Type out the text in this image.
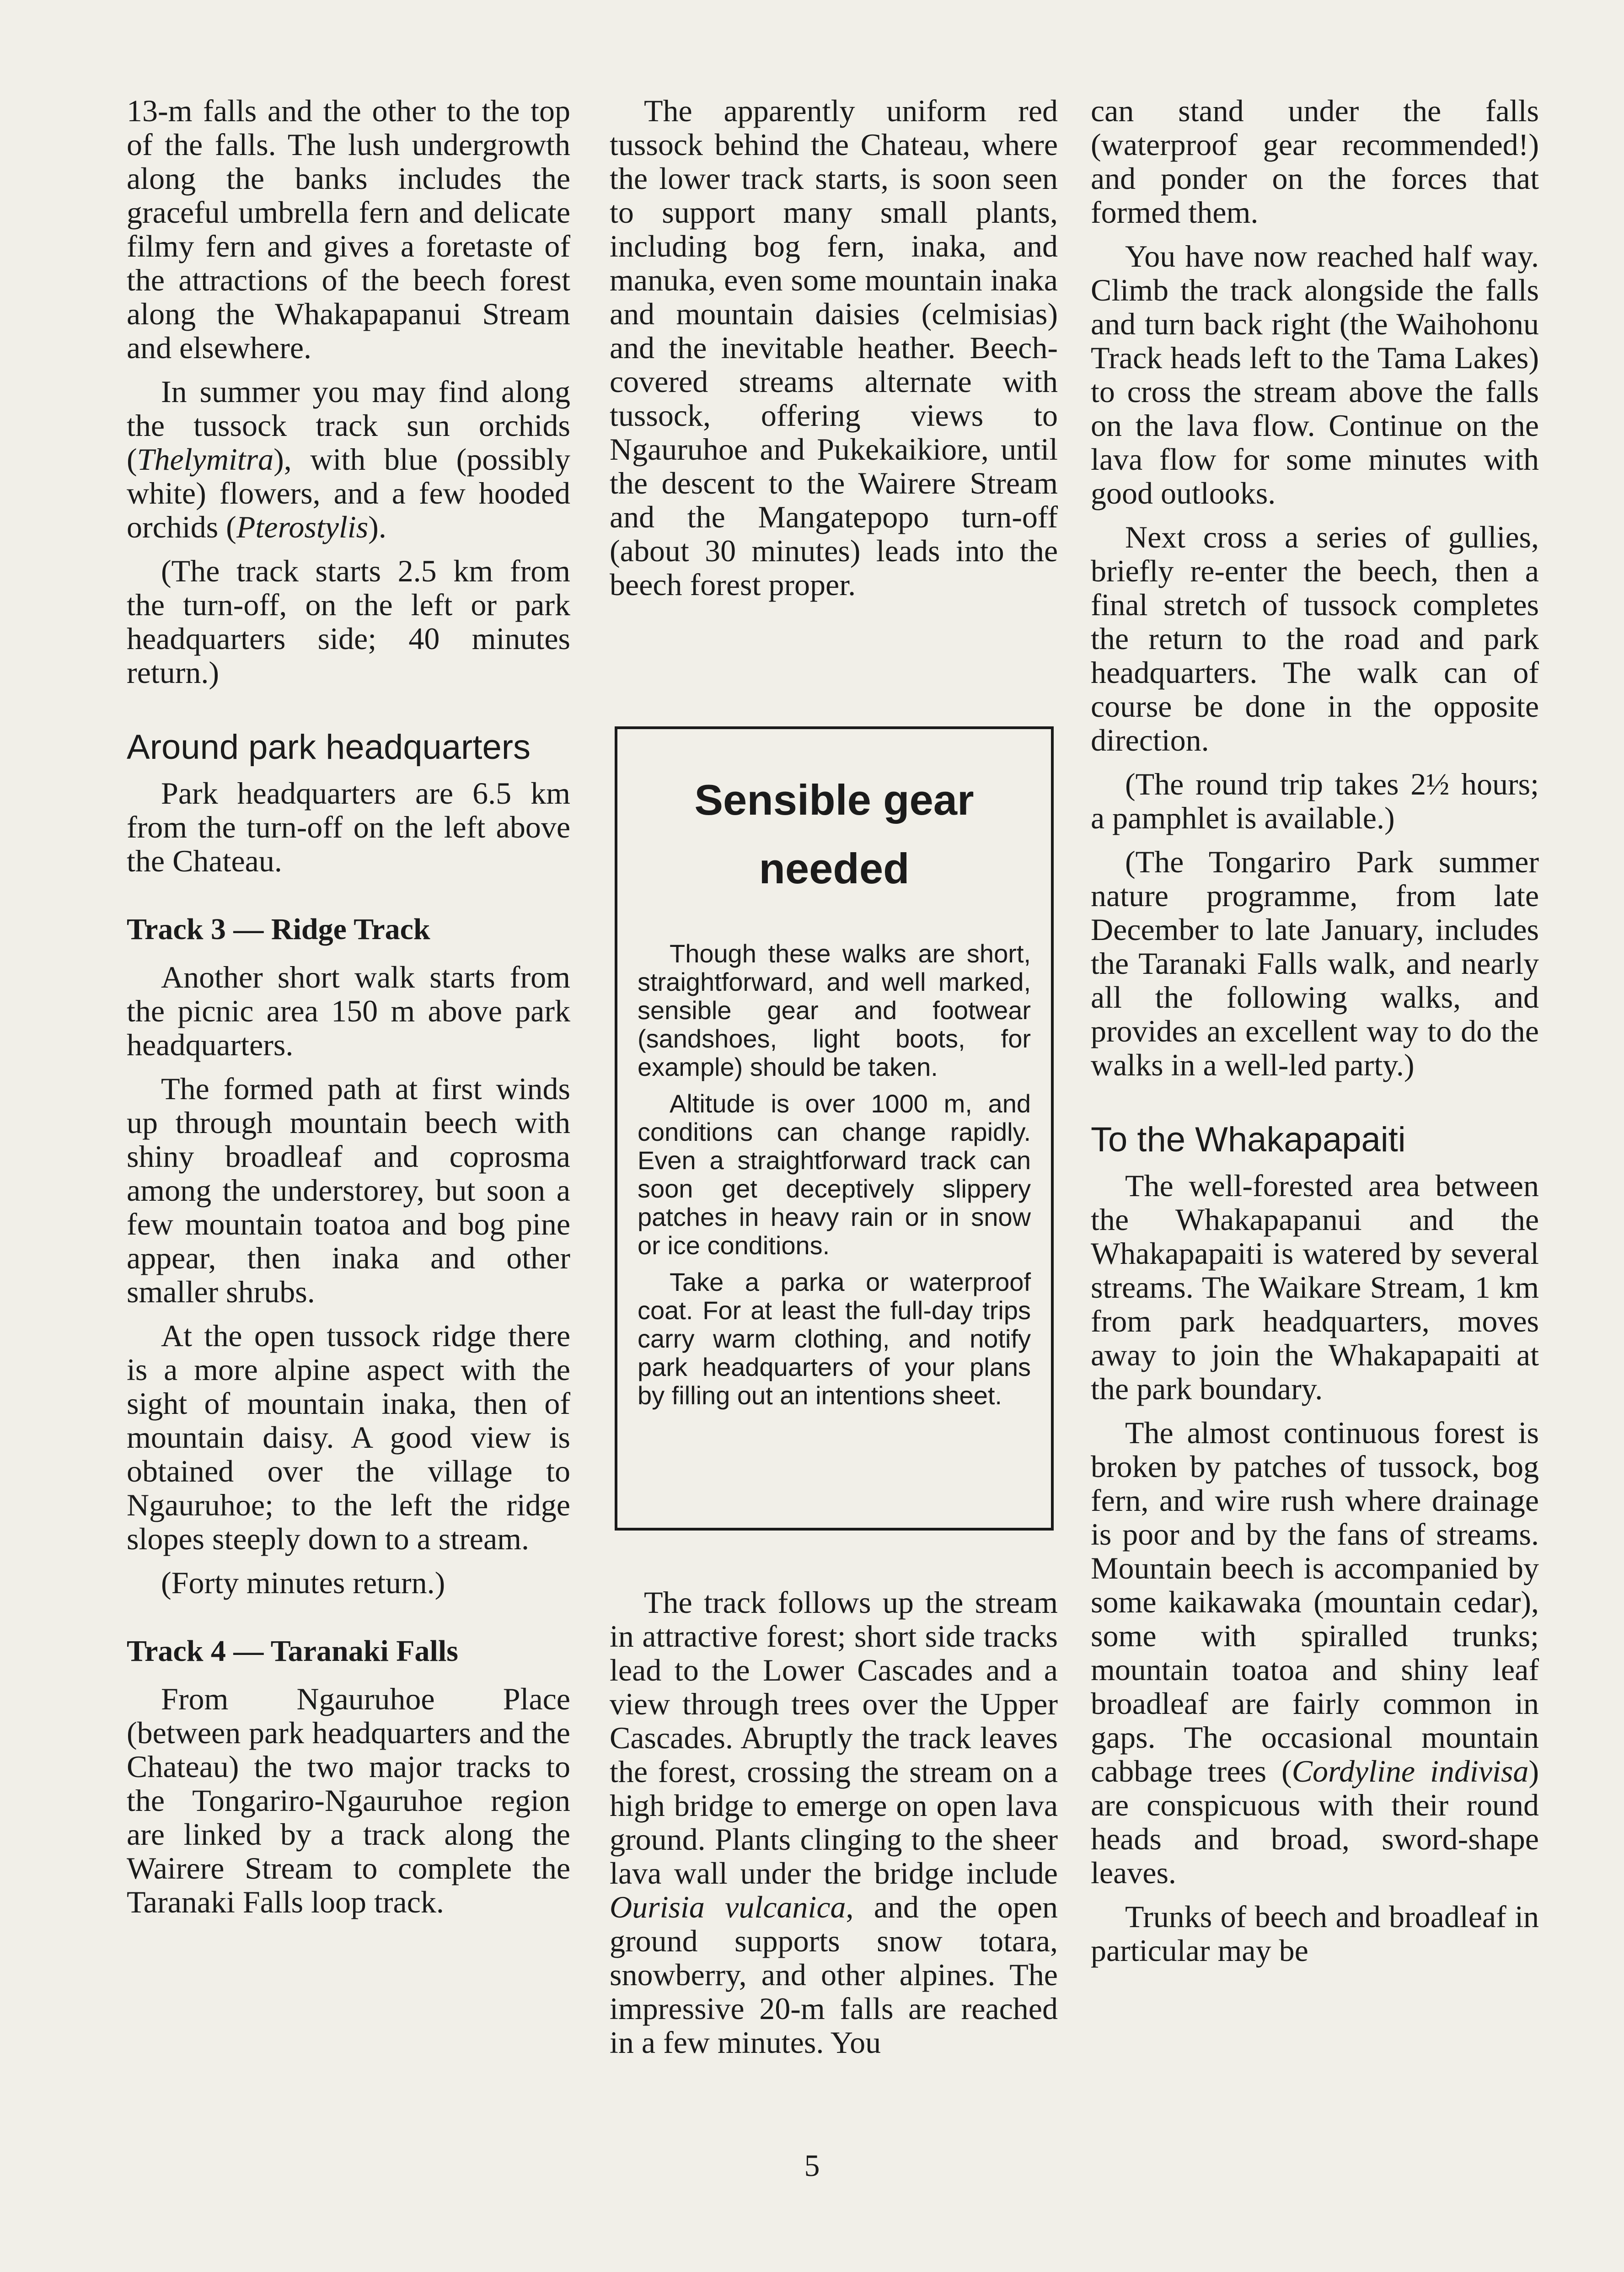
13-m falls and the other to the top of the falls. The lush undergrowth along the banks includes the graceful umbrella fern and delicate filmy fern and gives a foretaste of the attractions of the beech forest along the Whakapapanui Stream and elsewhere.

In summer you may find along the tussock track sun orchids (Thelymitra), with blue (possibly white) flowers, and a few hooded orchids (Pterostylis).

(The track starts 2.5 km from the turn-off, on the left or park headquarters side; 40 minutes return.)

Around park headquarters

Park headquarters are 6.5 km from the turn-off on the left above the Chateau.

Track 3 — Ridge Track

Another short walk starts from the picnic area 150 m above park headquarters.

The formed path at first winds up through mountain beech with shiny broadleaf and coprosma among the understorey, but soon a few mountain toatoa and bog pine appear, then inaka and other smaller shrubs.

At the open tussock ridge there is a more alpine aspect with the sight of mountain inaka, then of mountain daisy. A good view is obtained over the village to Ngauruhoe; to the left the ridge slopes steeply down to a stream.

(Forty minutes return.)

Track 4 — Taranaki Falls

From Ngauruhoe Place (between park headquarters and the Chateau) the two major tracks to the Tongariro-Ngauruhoe region are linked by a track along the Wairere Stream to complete the Taranaki Falls loop track.

The apparently uniform red tussock behind the Chateau, where the lower track starts, is soon seen to support many small plants, including bog fern, inaka, and manuka, even some mountain inaka and mountain daisies (celmisias) and the inevitable heather. Beech-covered streams alternate with tussock, offering views to Ngauruhoe and Pukekaikiore, until the descent to the Wairere Stream and the Mangatepopo turn-off (about 30 minutes) leads into the beech forest proper.

Sensible gear needed

Though these walks are short, straightforward, and well marked, sensible gear and footwear (sandshoes, light boots, for example) should be taken.

Altitude is over 1000 m, and conditions can change rapidly. Even a straightforward track can soon get deceptively slippery patches in heavy rain or in snow or ice conditions.

Take a parka or waterproof coat. For at least the full-day trips carry warm clothing, and notify park headquarters of your plans by filling out an intentions sheet.

The track follows up the stream in attractive forest; short side tracks lead to the Lower Cascades and a view through trees over the Upper Cascades. Abruptly the track leaves the forest, crossing the stream on a high bridge to emerge on open lava ground. Plants clinging to the sheer lava wall under the bridge include Ourisia vulcanica, and the open ground supports snow totara, snowberry, and other alpines. The impressive 20-m falls are reached in a few minutes. You

can stand under the falls (waterproof gear recommended!) and ponder on the forces that formed them.

You have now reached half way. Climb the track alongside the falls and turn back right (the Waihohonu Track heads left to the Tama Lakes) to cross the stream above the falls on the lava flow. Continue on the lava flow for some minutes with good outlooks.

Next cross a series of gullies, briefly re-enter the beech, then a final stretch of tussock completes the return to the road and park headquarters. The walk can of course be done in the opposite direction.

(The round trip takes 2½ hours; a pamphlet is available.)

(The Tongariro Park summer nature programme, from late December to late January, includes the Taranaki Falls walk, and nearly all the following walks, and provides an excellent way to do the walks in a well-led party.)

To the Whakapapaiti

The well-forested area between the Whakapapanui and the Whakapapaiti is watered by several streams. The Waikare Stream, 1 km from park headquarters, moves away to join the Whakapapaiti at the park boundary.

The almost continuous forest is broken by patches of tussock, bog fern, and wire rush where drainage is poor and by the fans of streams. Mountain beech is accompanied by some kaikawaka (mountain cedar), some with spiralled trunks; mountain toatoa and shiny leaf broadleaf are fairly common in gaps. The occasional mountain cabbage trees (Cordyline indivisa) are conspicuous with their round heads and broad, sword-shape leaves.

Trunks of beech and broadleaf in particular may be

5
